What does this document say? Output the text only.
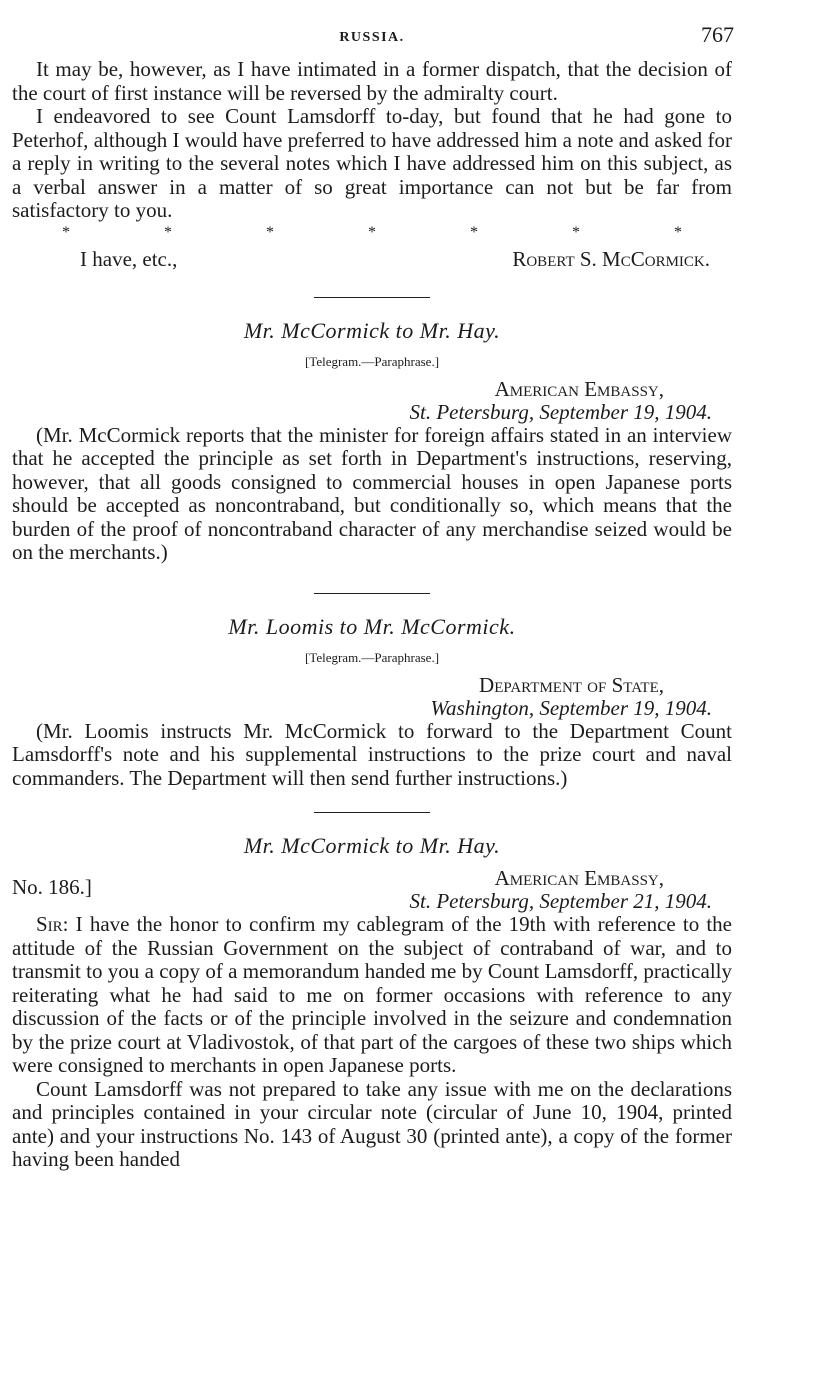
RUSSIA.	767

It may be, however, as I have intimated in a former dispatch, that the decision of the court of first instance will be reversed by the admiralty court.

I endeavored to see Count Lamsdorff to-day, but found that he had gone to Peterhof, although I would have preferred to have addressed him a note and asked for a reply in writing to the several notes which I have addressed him on this subject, as a verbal answer in a matter of so great importance can not but be far from satisfactory to you.

*	*	*	*	*	*	*
I have, etc.,	Robert S. McCormick.
Mr. McCormick to Mr. Hay.
[Telegram.—Paraphrase.]
American Embassy,
St. Petersburg, September 19, 1904.

(Mr. McCormick reports that the minister for foreign affairs stated in an interview that he accepted the principle as set forth in Department's instructions, reserving, however, that all goods consigned to commercial houses in open Japanese ports should be accepted as noncontraband, but conditionally so, which means that the burden of the proof of noncontraband character of any merchandise seized would be on the merchants.)

Mr. Loomis to Mr. McCormick.
[Telegram.—Paraphrase.]
Department of State,
Washington, September 19, 1904.

(Mr. Loomis instructs Mr. McCormick to forward to the Department Count Lamsdorff's note and his supplemental instructions to the prize court and naval commanders. The Department will then send further instructions.)

Mr. McCormick to Mr. Hay.
No. 186.]	American Embassy,
St. Petersburg, September 21, 1904.

Sir: I have the honor to confirm my cablegram of the 19th with reference to the attitude of the Russian Government on the subject of contraband of war, and to transmit to you a copy of a memorandum handed me by Count Lamsdorff, practically reiterating what he had said to me on former occasions with reference to any discussion of the facts or of the principle involved in the seizure and condemnation by the prize court at Vladivostok, of that part of the cargoes of these two ships which were consigned to merchants in open Japanese ports.

Count Lamsdorff was not prepared to take any issue with me on the declarations and principles contained in your circular note (circular of June 10, 1904, printed ante) and your instructions No. 143 of August 30 (printed ante), a copy of the former having been handed
